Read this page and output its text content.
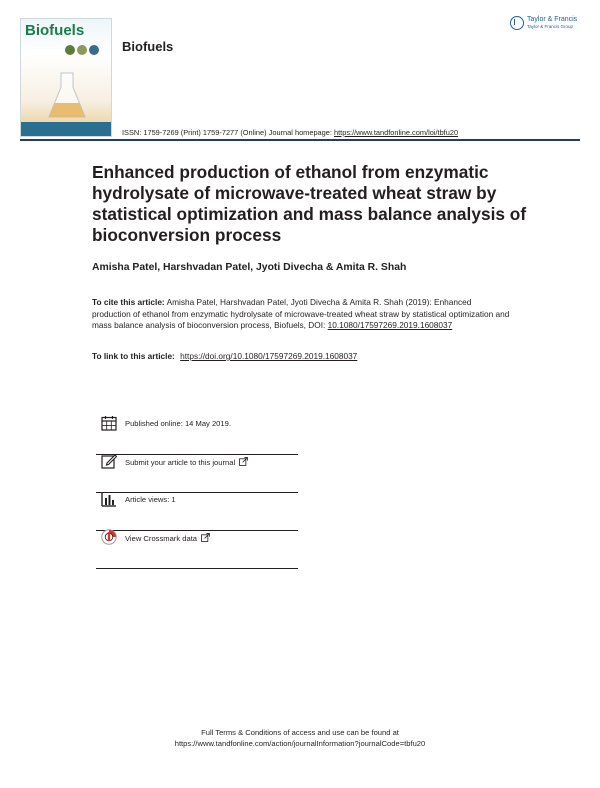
Biofuels
Biofuels
Taylor & Francis
Taylor & Francis Group
ISSN: 1759-7269 (Print) 1759-7277 (Online) Journal homepage: https://www.tandfonline.com/loi/tbfu20
Enhanced production of ethanol from enzymatic hydrolysate of microwave-treated wheat straw by statistical optimization and mass balance analysis of bioconversion process
Amisha Patel, Harshvadan Patel, Jyoti Divecha & Amita R. Shah
To cite this article: Amisha Patel, Harshvadan Patel, Jyoti Divecha & Amita R. Shah (2019): Enhanced production of ethanol from enzymatic hydrolysate of microwave-treated wheat straw by statistical optimization and mass balance analysis of bioconversion process, Biofuels, DOI: 10.1080/17597269.2019.1608037
To link to this article: https://doi.org/10.1080/17597269.2019.1608037
Published online: 14 May 2019.
Submit your article to this journal
Article views: 1
View Crossmark data
Full Terms & Conditions of access and use can be found at
https://www.tandfonline.com/action/journalInformation?journalCode=tbfu20
